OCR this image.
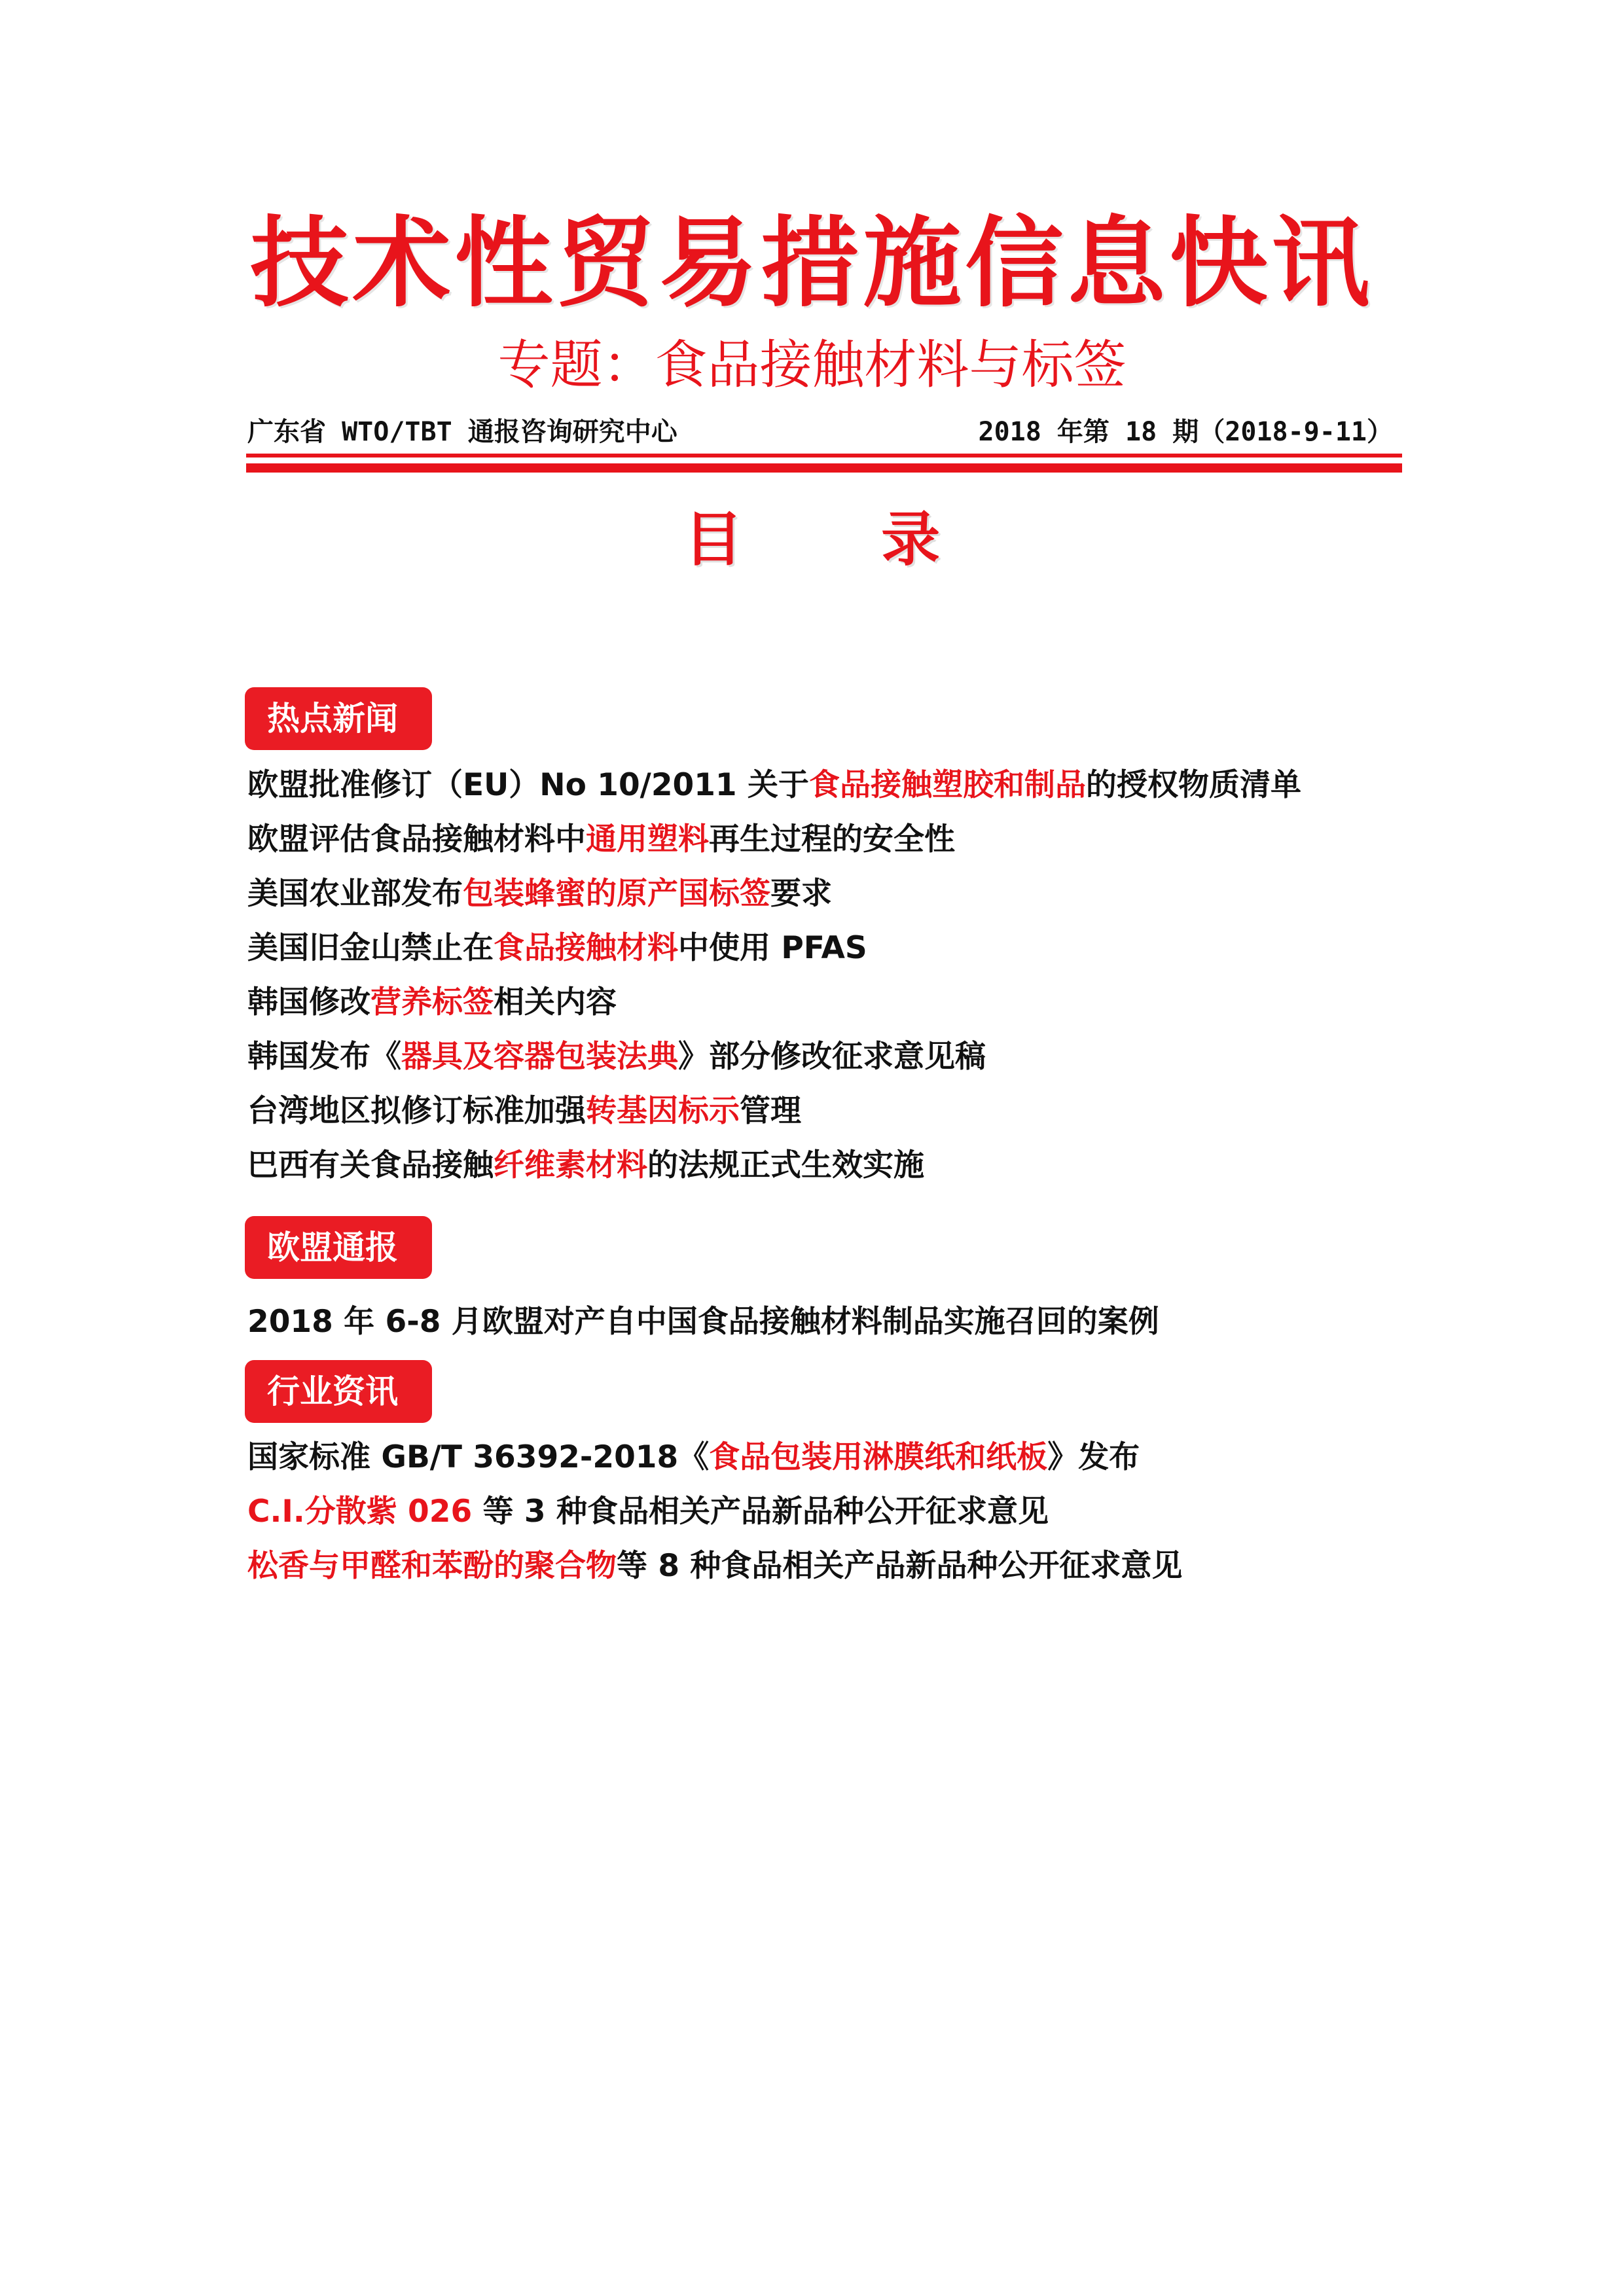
技术性贸易措施信息快讯
专题：食品接触材料与标签
广东省 WTO/TBT 通报咨询研究中心	2018 年第 18 期（2018-9-11）
目 录
热点新闻
欧盟批准修订（EU）No 10/2011 关于食品接触塑胶和制品的授权物质清单
欧盟评估食品接触材料中通用塑料再生过程的安全性
美国农业部发布包装蜂蜜的原产国标签要求
美国旧金山禁止在食品接触材料中使用 PFAS
韩国修改营养标签相关内容
韩国发布《器具及容器包装法典》部分修改征求意见稿
台湾地区拟修订标准加强转基因标示管理
巴西有关食品接触纤维素材料的法规正式生效实施
欧盟通报
2018 年 6-8 月欧盟对产自中国食品接触材料制品实施召回的案例
行业资讯
国家标准 GB/T 36392-2018《食品包装用淋膜纸和纸板》发布
C.I.分散紫 026 等 3 种食品相关产品新品种公开征求意见
松香与甲醛和苯酚的聚合物等 8 种食品相关产品新品种公开征求意见
